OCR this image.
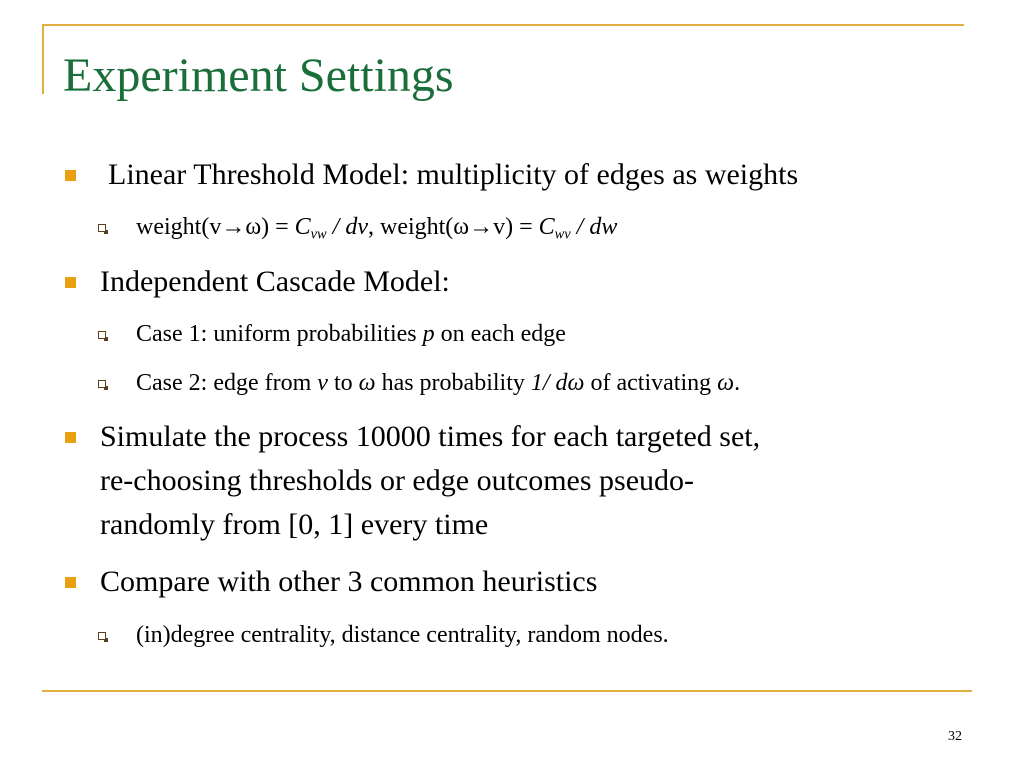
Experiment Settings
Linear Threshold Model: multiplicity of edges as weights
weight(v→ω) = $C_{vw}$ / dv, weight(ω→v) = $C_{wv}$ / dw
Independent Cascade Model:
Case 1: uniform probabilities p on each edge
Case 2: edge from v to ω has probability 1/ dω of activating ω.
Simulate the process 10000 times for each targeted set,
re-choosing thresholds or edge outcomes pseudo-
randomly from [0, 1] every time
Compare with other 3 common heuristics
(in)degree centrality, distance centrality, random nodes.
32
